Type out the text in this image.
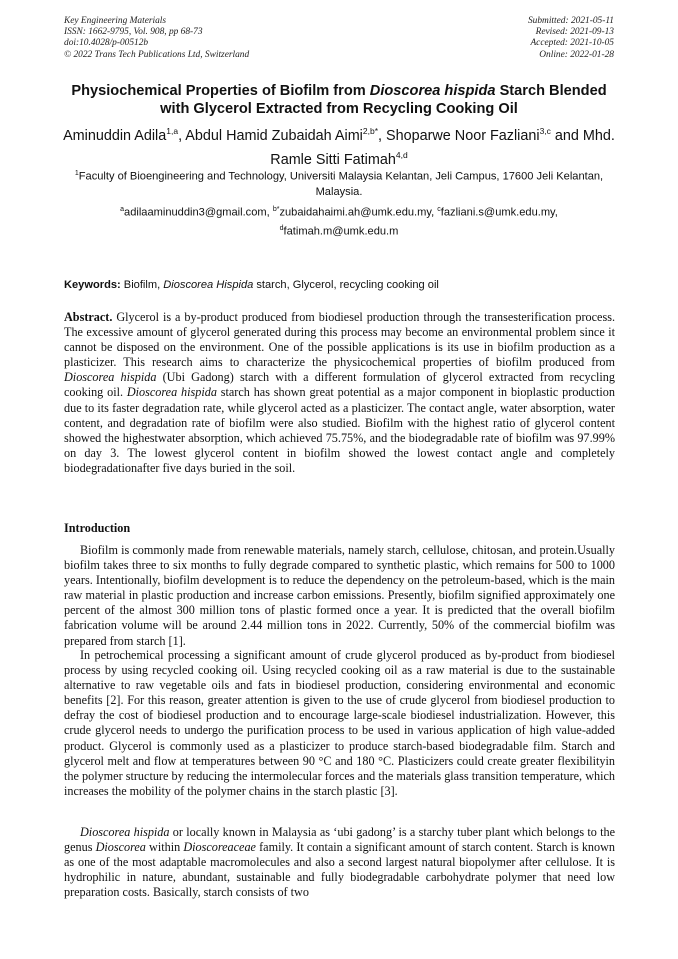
Key Engineering Materials
ISSN: 1662-9795, Vol. 908, pp 68-73
doi:10.4028/p-00512b
© 2022 Trans Tech Publications Ltd, Switzerland
Submitted: 2021-05-11
Revised: 2021-09-13
Accepted: 2021-10-05
Online: 2022-01-28
Physiochemical Properties of Biofilm from Dioscorea hispida Starch Blended with Glycerol Extracted from Recycling Cooking Oil
Aminuddin Adila$^{1,a}$, Abdul Hamid Zubaidah Aimi$^{2,b*}$, Shoparwe Noor Fazliani$^{3,c}$ and Mhd. Ramle Sitti Fatimah$^{4,d}$
$^1$Faculty of Bioengineering and Technology, Universiti Malaysia Kelantan, Jeli Campus, 17600 Jeli Kelantan, Malaysia.
$^a$adilaaminuddin3@gmail.com, $^{b*}$zubaidahaimi.ah@umk.edu.my, $^c$fazliani.s@umk.edu.my,
$^d$fatimah.m@umk.edu.m
Keywords: Biofilm, Dioscorea Hispida starch, Glycerol, recycling cooking oil

Abstract. Glycerol is a by-product produced from biodiesel production through the transesterification process. The excessive amount of glycerol generated during this process may become an environmental problem since it cannot be disposed on the environment. One of the possible applications is its use in biofilm production as a plasticizer. This research aims to characterize the physicochemical properties of biofilm produced from Dioscorea hispida (Ubi Gadong) starch with a different formulation of glycerol extracted from recycling cooking oil. Dioscorea hispida starch has shown great potential as a major component in bioplastic production due to its faster degradation rate, while glycerol acted as a plasticizer. The contact angle, water absorption, water content, and degradation rate of biofilm were also studied. Biofilm with the highest ratio of glycerol content showed the highestwater absorption, which achieved 75.75%, and the biodegradable rate of biofilm was 97.99% on day 3. The lowest glycerol content in biofilm showed the lowest contact angle and completely biodegradationafter five days buried in the soil.

Introduction

Biofilm is commonly made from renewable materials, namely starch, cellulose, chitosan, and protein.Usually biofilm takes three to six months to fully degrade compared to synthetic plastic, which remains for 500 to 1000 years. Intentionally, biofilm development is to reduce the dependency on the petroleum-based, which is the main raw material in plastic production and increase carbon emissions. Presently, biofilm signified approximately one percent of the almost 300 million tons of plastic formed once a year. It is predicted that the overall biofilm fabrication volume will be around 2.44 million tons in 2022. Currently, 50% of the commercial biofilm was prepared from starch [1].

In petrochemical processing a significant amount of crude glycerol produced as by-product from biodiesel process by using recycled cooking oil. Using recycled cooking oil as a raw material is due to the sustainable alternative to raw vegetable oils and fats in biodiesel production, considering environmental and economic benefits [2]. For this reason, greater attention is given to the use of crude glycerol from biodiesel production to defray the cost of biodiesel production and to encourage large-scale biodiesel industrialization. However, this crude glycerol needs to undergo the purification process to be used in various application of high value-added product. Glycerol is commonly used as a plasticizer to produce starch-based biodegradable film. Starch and glycerol melt and flow at temperatures between 90 °C and 180 °C. Plasticizers could create greater flexibilityin the polymer structure by reducing the intermolecular forces and the materials glass transition temperature, which increases the mobility of the polymer chains in the starch plastic [3].

Dioscorea hispida or locally known in Malaysia as ‘ubi gadong’ is a starchy tuber plant which belongs to the genus Dioscorea within Dioscoreaceae family. It contain a significant amount of starch content. Starch is known as one of the most adaptable macromolecules and also a second largest natural biopolymer after cellulose. It is hydrophilic in nature, abundant, sustainable and fully biodegradable carbohydrate polymer that need low preparation costs. Basically, starch consists of two
